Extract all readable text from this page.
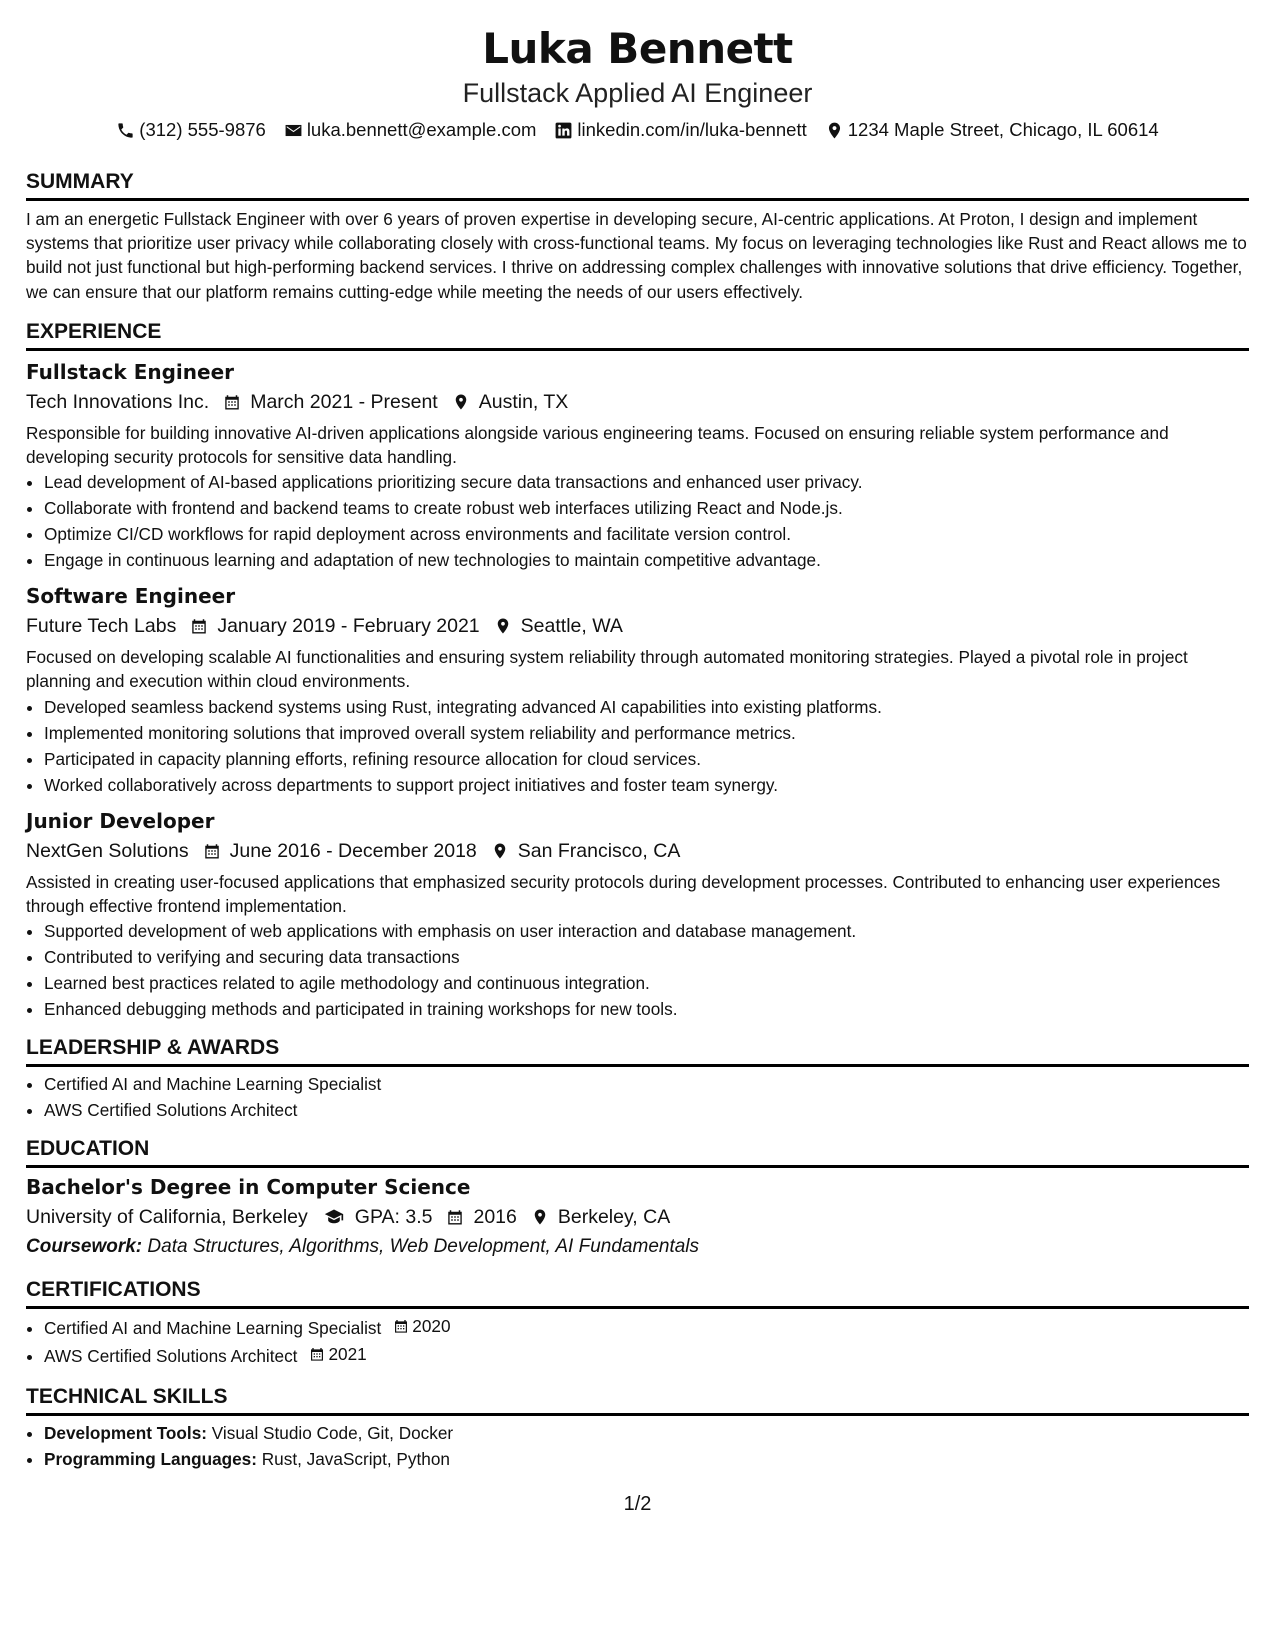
Luka Bennett
Fullstack Applied AI Engineer
(312) 555-9876 luka.bennett@example.com linkedin.com/in/luka-bennett 1234 Maple Street, Chicago, IL 60614
SUMMARY

I am an energetic Fullstack Engineer with over 6 years of proven expertise in developing secure, AI-centric applications. At Proton, I design and implement systems that prioritize user privacy while collaborating closely with cross-functional teams. My focus on leveraging technologies like Rust and React allows me to build not just functional but high-performing backend services. I thrive on addressing complex challenges with innovative solutions that drive efficiency. Together, we can ensure that our platform remains cutting-edge while meeting the needs of our users effectively.

EXPERIENCE
Fullstack Engineer
Tech Innovations Inc. March 2021 - Present Austin, TX

Responsible for building innovative AI-driven applications alongside various engineering teams. Focused on ensuring reliable system performance and developing security protocols for sensitive data handling.

• Lead development of AI-based applications prioritizing secure data transactions and enhanced user privacy.
• Collaborate with frontend and backend teams to create robust web interfaces utilizing React and Node.js.
• Optimize CI/CD workflows for rapid deployment across environments and facilitate version control.
• Engage in continuous learning and adaptation of new technologies to maintain competitive advantage.
Software Engineer
Future Tech Labs January 2019 - February 2021 Seattle, WA

Focused on developing scalable AI functionalities and ensuring system reliability through automated monitoring strategies. Played a pivotal role in project planning and execution within cloud environments.

• Developed seamless backend systems using Rust, integrating advanced AI capabilities into existing platforms.
• Implemented monitoring solutions that improved overall system reliability and performance metrics.
• Participated in capacity planning efforts, refining resource allocation for cloud services.
• Worked collaboratively across departments to support project initiatives and foster team synergy.
Junior Developer
NextGen Solutions June 2016 - December 2018 San Francisco, CA

Assisted in creating user-focused applications that emphasized security protocols during development processes. Contributed to enhancing user experiences through effective frontend implementation.

• Supported development of web applications with emphasis on user interaction and database management.
• Contributed to verifying and securing data transactions
• Learned best practices related to agile methodology and continuous integration.
• Enhanced debugging methods and participated in training workshops for new tools.
LEADERSHIP & AWARDS
• Certified AI and Machine Learning Specialist
• AWS Certified Solutions Architect
EDUCATION
Bachelor's Degree in Computer Science
University of California, Berkeley GPA: 3.5 2016 Berkeley, CA
Coursework: Data Structures, Algorithms, Web Development, AI Fundamentals
CERTIFICATIONS
• Certified AI and Machine Learning Specialist 2020
• AWS Certified Solutions Architect 2021
TECHNICAL SKILLS
• Development Tools: Visual Studio Code, Git, Docker
• Programming Languages: Rust, JavaScript, Python
1/2
